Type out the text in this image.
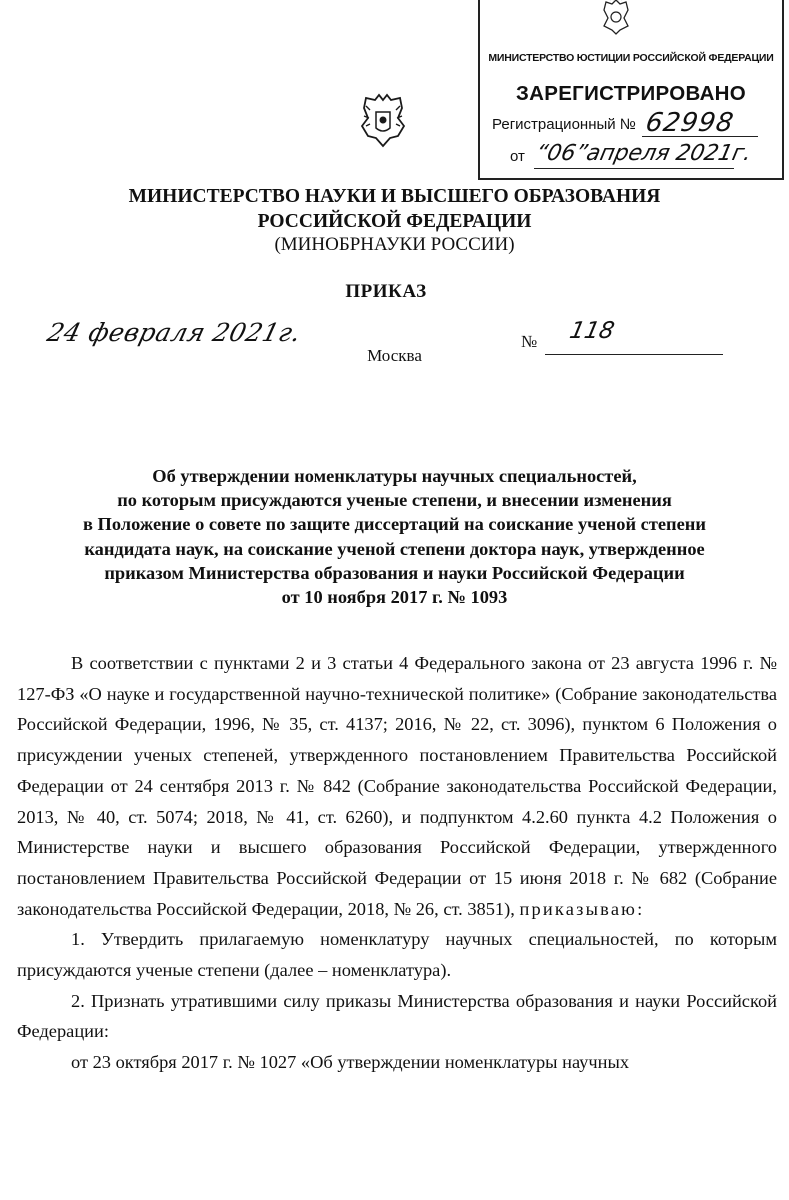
МИНИСТЕРСТВО ЮСТИЦИИ РОССИЙСКОЙ ФЕДЕРАЦИИ
ЗАРЕГИСТРИРОВАНО
Регистрационный № 62998
от “06”апреля 2021г.
МИНИСТЕРСТВО НАУКИ И ВЫСШЕГО ОБРАЗОВАНИЯ
РОССИЙСКОЙ ФЕДЕРАЦИИ
(МИНОБРНАУКИ РОССИИ)
ПРИКАЗ
24 февраля 2021г.	№ 118
Москва
Об утверждении номенклатуры научных специальностей,
по которым присуждаются ученые степени, и внесении изменения
в Положение о совете по защите диссертаций на соискание ученой степени
кандидата наук, на соискание ученой степени доктора наук, утвержденное
приказом Министерства образования и науки Российской Федерации
от 10 ноября 2017 г. № 1093

В соответствии с пунктами 2 и 3 статьи 4 Федерального закона от 23 августа 1996 г. № 127-ФЗ «О науке и государственной научно-технической политике» (Собрание законодательства Российской Федерации, 1996, № 35, ст. 4137; 2016, № 22, ст. 3096), пунктом 6 Положения о присуждении ученых степеней, утвержденного постановлением Правительства Российской Федерации от 24 сентября 2013 г. № 842 (Собрание законодательства Российской Федерации, 2013, № 40, ст. 5074; 2018, № 41, ст. 6260), и подпунктом 4.2.60 пункта 4.2 Положения о Министерстве науки и высшего образования Российской Федерации, утвержденного постановлением Правительства Российской Федерации от 15 июня 2018 г. № 682 (Собрание законодательства Российской Федерации, 2018, № 26, ст. 3851), приказываю:

1. Утвердить прилагаемую номенклатуру научных специальностей, по которым присуждаются ученые степени (далее – номенклатура).

2. Признать утратившими силу приказы Министерства образования и науки Российской Федерации:

от 23 октября 2017 г. № 1027 «Об утверждении номенклатуры научных
